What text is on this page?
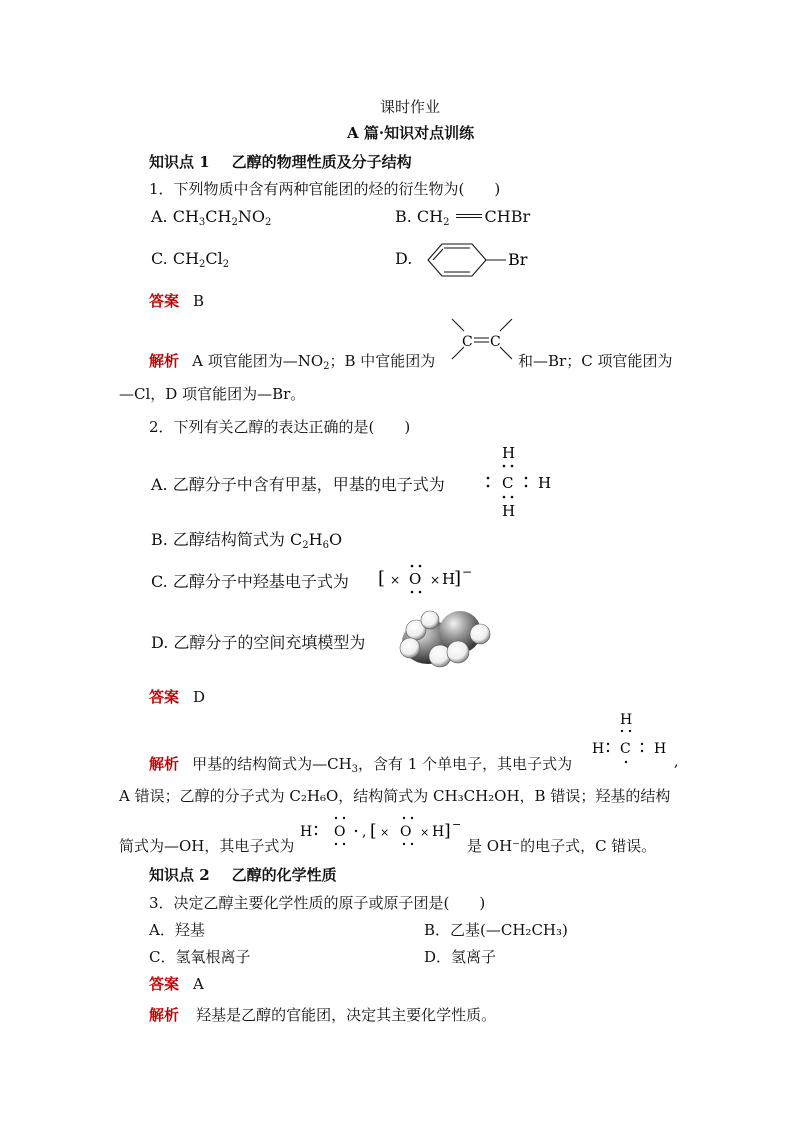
课时作业
A 篇·知识对点训练
知识点 1 乙醇的物理性质及分子结构
1．下列物质中含有两种官能团的烃的衍生物为(　　)
A. $CH_3CH_2NO_2$	B. $CH_2$ CHBr
C. $CH_2Cl_2$	D.	Br
答案 B
解析 A 项官能团为$—NO_2$；B 中官能团为
C C
和—Br；C 项官能团为
—Cl，D 项官能团为—Br。
2．下列有关乙醇的表达正确的是(　　)
A. 乙醇分子中含有甲基，甲基的电子式为
H
C H
H
B. 乙醇结构简式为 $C_2H_6O$
C. 乙醇分子中羟基电子式为 [ × O × H
] −
D. 乙醇分子的空间充填模型为
答案 D
解析 甲基的结构简式为$—CH_3$，含有 1 个单电子，其电子式为
H
H C H
,
A 错误；乙醇的分子式为 C₂H₆O，结构简式为 CH₃CH₂OH，B 错误；羟基的结构
简式为—OH，其电子式为
H O , [ × O × H ] −
是 OH⁻的电子式，C 错误。
知识点 2 乙醇的化学性质
3．决定乙醇主要化学性质的原子或原子团是(　　)
A．羟基	B．乙基(—CH₂CH₃)
C．氢氧根离子	D．氢离子
答案 A
解析 羟基是乙醇的官能团，决定其主要化学性质。
